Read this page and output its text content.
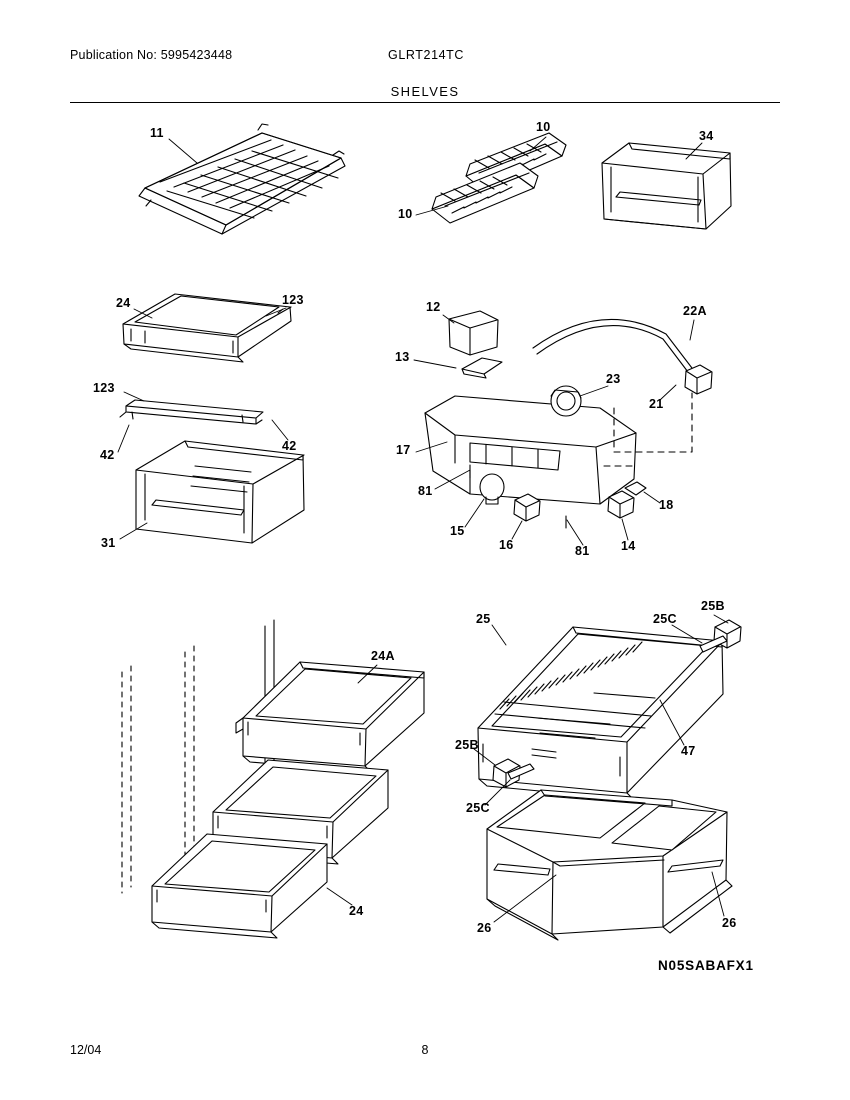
Publication No: 5995423448	GLRT214TC
SHELVES
11	10
10
34
24	123
123
42
42
31
12
13
22A
23
21
17
81
15
16	81	14
18
24A
24
25
25B
25C
47
25B
25C
26	26
N05SABAFX1
12/04	8
